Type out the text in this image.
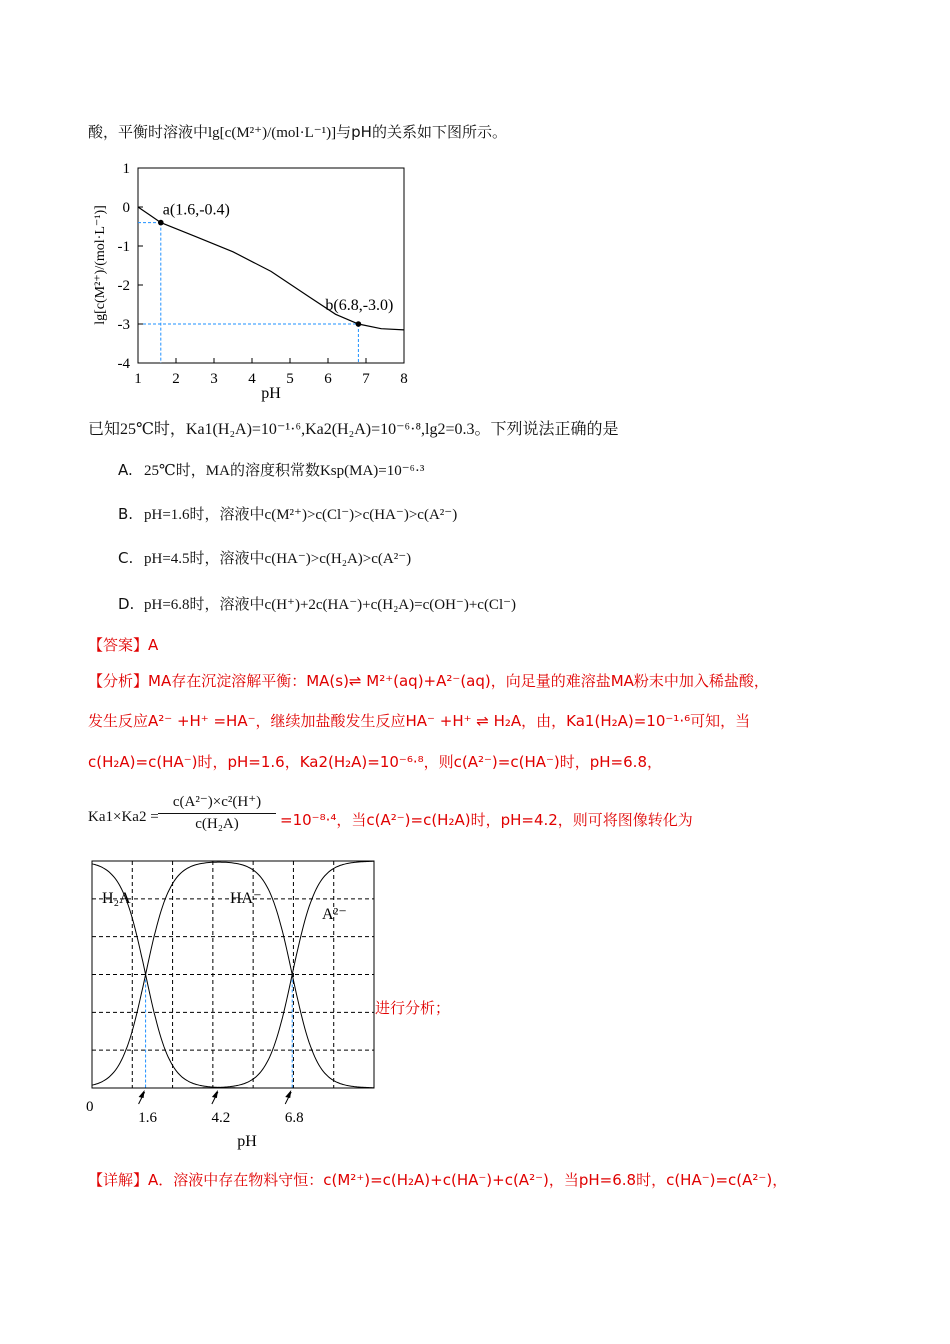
酸，平衡时溶液中lg[c(M²⁺)/(mol·L⁻¹)]与pH的关系如下图所示。
1 2 3 4 5 6 7 8
1
0
-1
-2
-3
-4
a(1.6,-0.4)
b(6.8,-3.0)
pH
lg[c(M²⁺)/(mol·L⁻¹)]
已知25℃时，Ka1(H₂A)=10⁻¹·⁶,Ka2(H₂A)=10⁻⁶·⁸,lg2=0.3。下列说法正确的是
A. 25℃时，MA的溶度积常数Ksp(MA)=10⁻⁶·³
B. pH=1.6时，溶液中c(M²⁺)>c(Cl⁻)>c(HA⁻)>c(A²⁻)
C. pH=4.5时，溶液中c(HA⁻)>c(H₂A)>c(A²⁻)
D. pH=6.8时，溶液中c(H⁺)+2c(HA⁻)+c(H₂A)=c(OH⁻)+c(Cl⁻)
【答案】A
【分析】MA存在沉淀溶解平衡：MA(s)⇌ M²⁺(aq)+A²⁻(aq)，向足量的难溶盐MA粉末中加入稀盐酸，
发生反应A²⁻ +H⁺ =HA⁻，继续加盐酸发生反应HA⁻ +H⁺ ⇌ H₂A，由，Ka1(H₂A)=10⁻¹·⁶可知，当
c(H₂A)=c(HA⁻)时，pH=1.6，Ka2(H₂A)=10⁻⁶·⁸，则c(A²⁻)=c(HA⁻)时，pH=6.8，
$Ka1\times Ka2 = \frac{\text{c(A²⁻)×c²(H⁺)}}{\text{c(H₂A)}} =10^{-8}\cdot^4$，当c(A²⁻)=c(H₂A)时，pH=4.2，则可将图像转化为
H₂A	HA⁻
A²⁻
0
1.6	4.2	6.8
pH
进行分析；
【详解】A．溶液中存在物料守恒：c(M²⁺)=c(H₂A)+c(HA⁻)+c(A²⁻)，当pH=6.8时，c(HA⁻)=c(A²⁻)，
